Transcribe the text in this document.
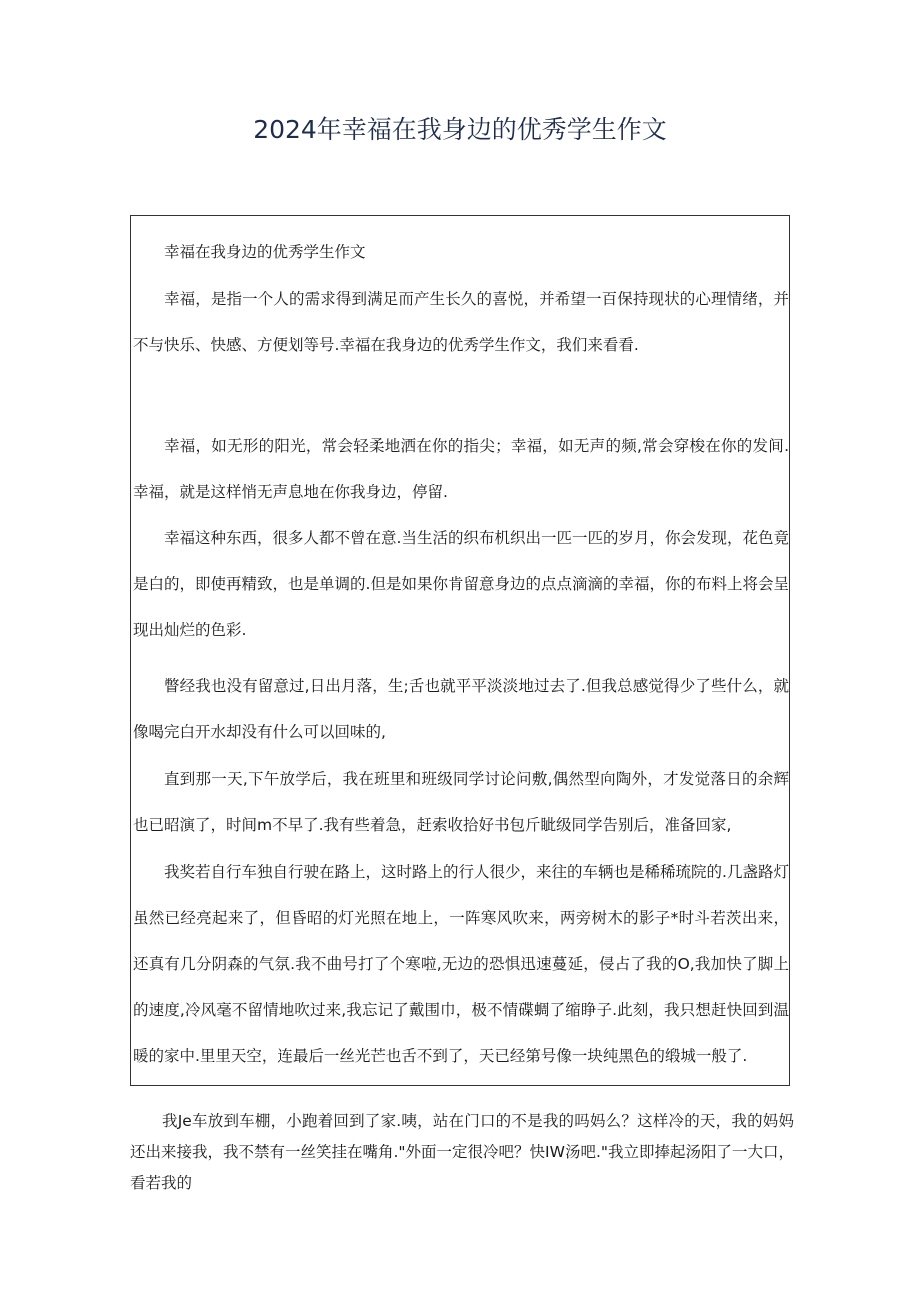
2024年幸福在我身边的优秀学生作文

幸福在我身边的优秀学生作文

幸福，是指一个人的需求得到满足而产生长久的喜悦，并希望一百保持现状的心理情绪，并不与快乐、快感、方便划等号.幸福在我身边的优秀学生作文，我们来看看.

幸福，如无形的阳光，常会轻柔地洒在你的指尖；幸福，如无声的频,常会穿梭在你的发间.幸福，就是这样悄无声息地在你我身边，停留.

幸福这种东西，很多人都不曾在意.当生活的织布机织出一匹一匹的岁月，你会发现，花色竟是白的，即使再精致，也是单调的.但是如果你肯留意身边的点点滴滴的幸福，你的布料上将会呈现出灿烂的色彩.

瞥经我也没有留意过,日出月落，生;舌也就平平淡淡地过去了.但我总感觉得少了些什么，就像喝完白开水却没有什么可以回味的,

直到那一天,下午放学后，我在班里和班级同学讨论问敷,偶然型向陶外，才发觉落日的余辉也已昭演了，时间m不早了.我有些着急，赶索收拾好书包斤眦级同学告别后，准备回家,

我奖若自行车独自行驶在路上，这时路上的行人很少，来往的车辆也是稀稀琉院的.几盏路灯虽然已经亮起来了，但昏昭的灯光照在地上，一阵寒风吹来，两旁树木的影子*时斗若茨出来，还真有几分阴森的气氛.我不曲号打了个寒啦,无边的恐惧迅速蔓延，侵占了我的O,我加快了脚上的速度,冷风毫不留情地吹过来,我忘记了戴围巾，极不情碟蜩了缩睁子.此刻，我只想赶快回到温暖的家中.里里天空，连最后一丝光芒也舌不到了，天已经第号像一块纯黑色的缎城一般了.

我Je车放到车棚，小跑着回到了家.咦，站在门口的不是我的吗妈么？这样冷的天，我的妈妈还出来接我，我不禁有一丝笑挂在嘴角."外面一定很冷吧？快IW汤吧."我立即捧起汤阳了一大口，看若我的
